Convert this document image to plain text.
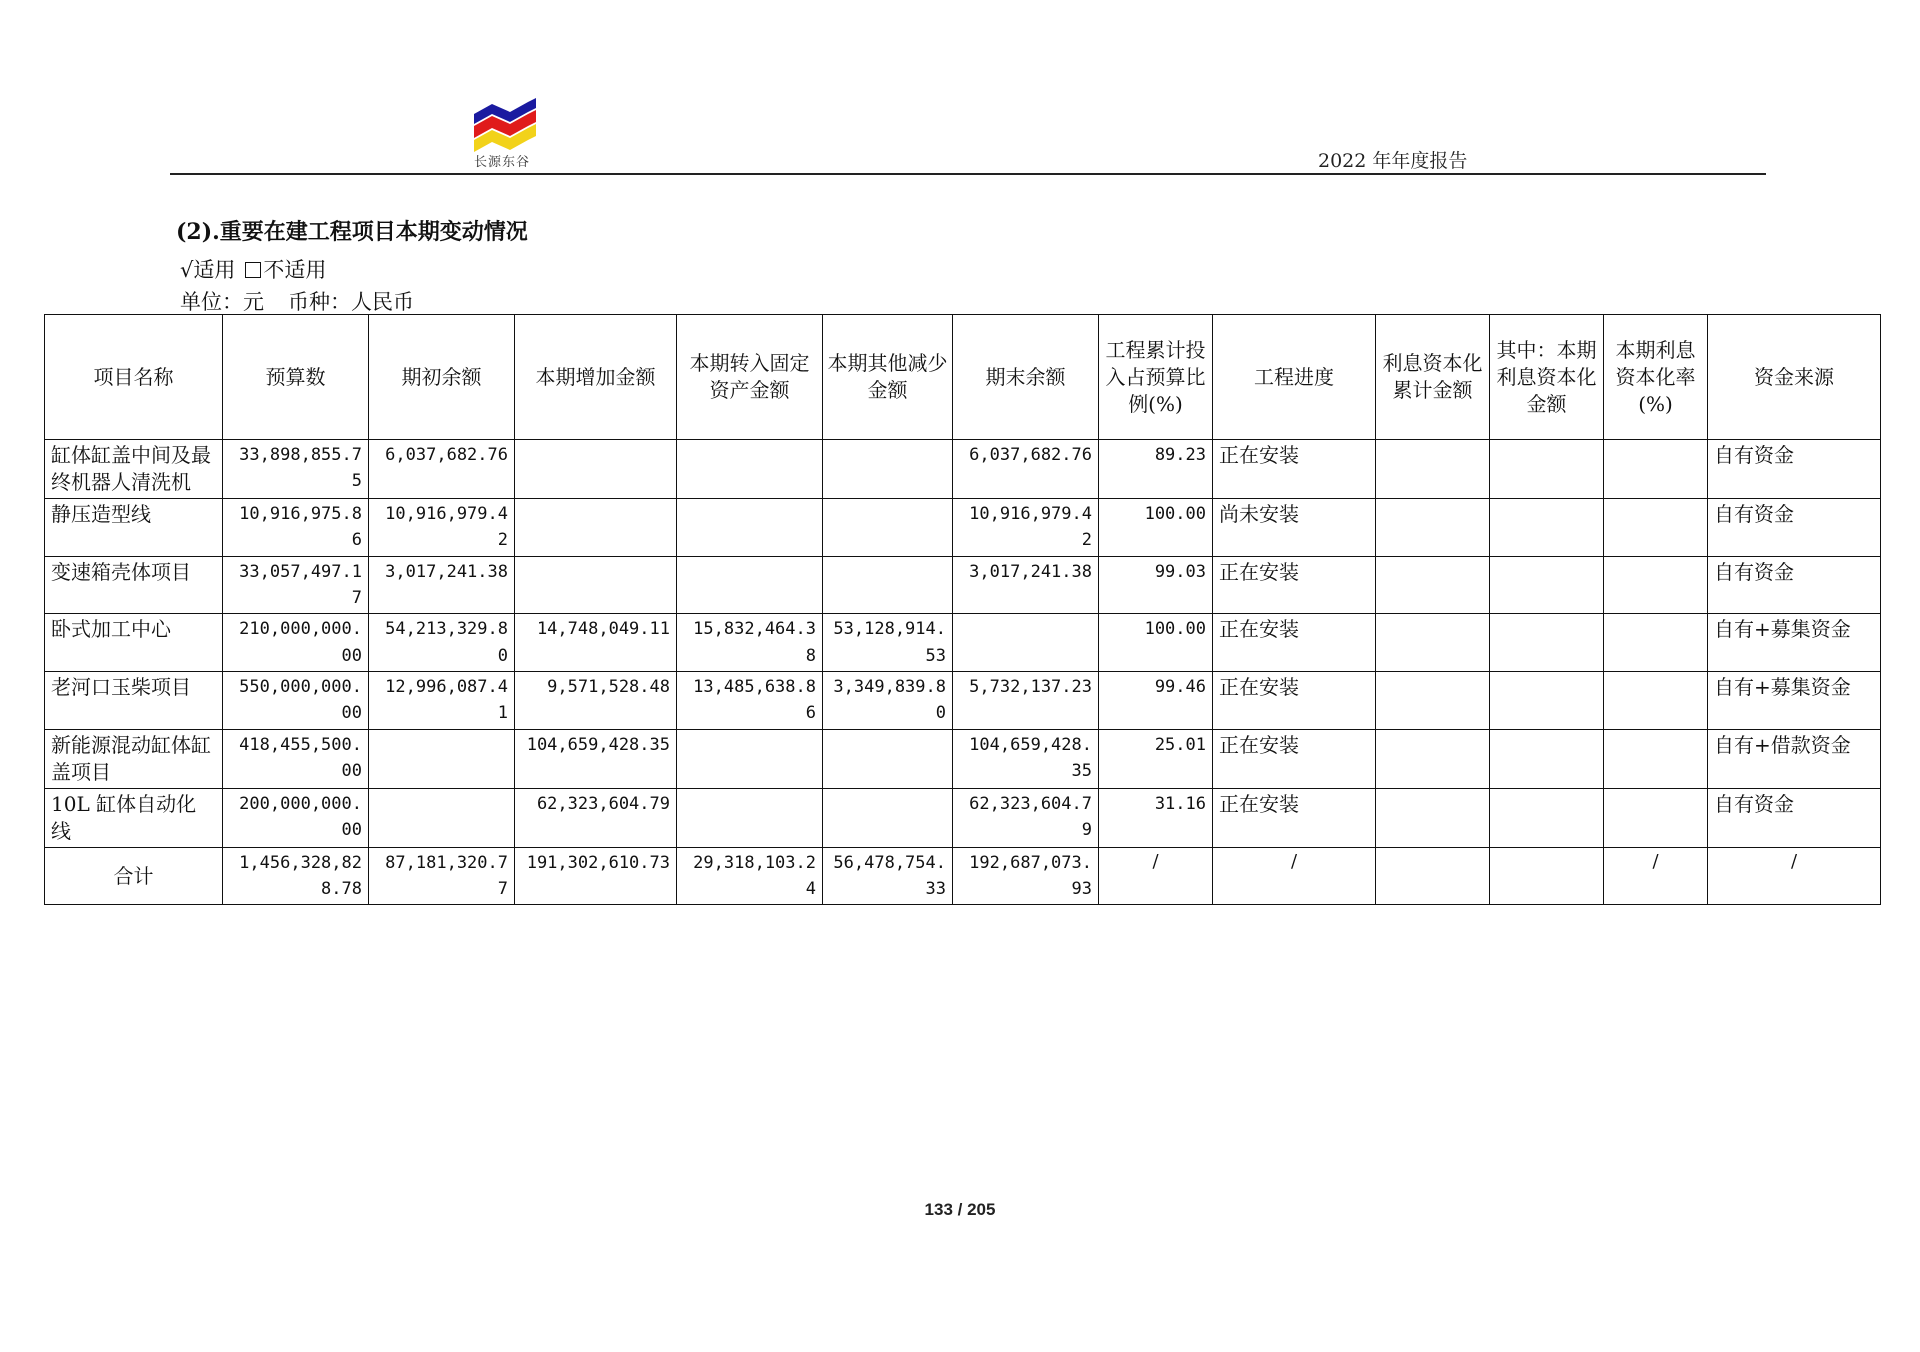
长源东谷	2022 年年度报告
(2).重要在建工程项目本期变动情况
√适用 不适用
单位：元 币种：人民币
项目名称	预算数	期初余额	本期增加金额	本期转入固定资产金额	本期其他减少金额	期末余额	工程累计投入占预算比例(%)	工程进度	利息资本化累计金额	其中：本期利息资本化金额	本期利息资本化率(%)	资金来源
缸体缸盖中间及最终机器人清洗机	33,898,855.75	6,037,682.76				6,037,682.76	89.23	正在安装				自有资金
静压造型线	10,916,975.86	10,916,979.42				10,916,979.42	100.00	尚未安装				自有资金
变速箱壳体项目	33,057,497.17	3,017,241.38				3,017,241.38	99.03	正在安装				自有资金
卧式加工中心	210,000,000.00	54,213,329.80	14,748,049.11	15,832,464.38	53,128,914.53		100.00	正在安装				自有+募集资金
老河口玉柴项目	550,000,000.00	12,996,087.41	9,571,528.48	13,485,638.86	3,349,839.80	5,732,137.23	99.46	正在安装				自有+募集资金
新能源混动缸体缸盖项目	418,455,500.00		104,659,428.35			104,659,428.35	25.01	正在安装				自有+借款资金
10L 缸体自动化线	200,000,000.00		62,323,604.79			62,323,604.79	31.16	正在安装				自有资金
合计	1,456,328,828.78	87,181,320.77	191,302,610.73	29,318,103.24	56,478,754.33	192,687,073.93	/	/			/	/
133 / 205
